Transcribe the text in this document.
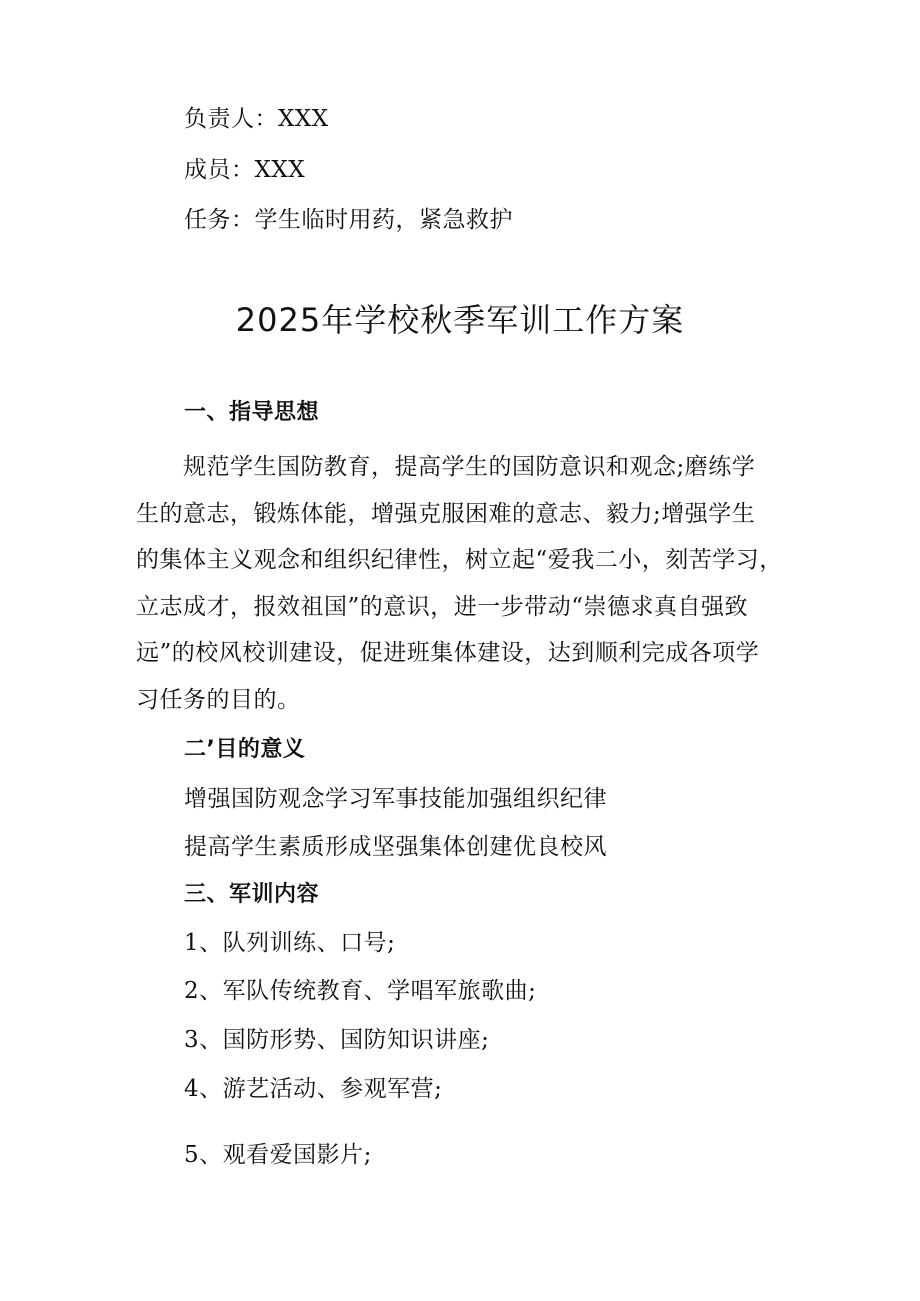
负责人：XXX
成员：XXX
任务：学生临时用药，紧急救护
2025年学校秋季军训工作方案
一、指导思想
规范学生国防教育，提高学生的国防意识和观念;磨练学
生的意志，锻炼体能，增强克服困难的意志、毅力;增强学生
的集体主义观念和组织纪律性，树立起“爱我二小，刻苦学习，
立志成才，报效祖国”的意识，进一步带动“崇德求真自强致
远”的校风校训建设，促进班集体建设，达到顺利完成各项学
习任务的目的。
二’目的意义
增强国防观念学习军事技能加强组织纪律
提高学生素质形成坚强集体创建优良校风
三、军训内容
1、队列训练、口号;
2、军队传统教育、学唱军旅歌曲;
3、国防形势、国防知识讲座;
4、游艺活动、参观军营;
5、观看爱国影片;
